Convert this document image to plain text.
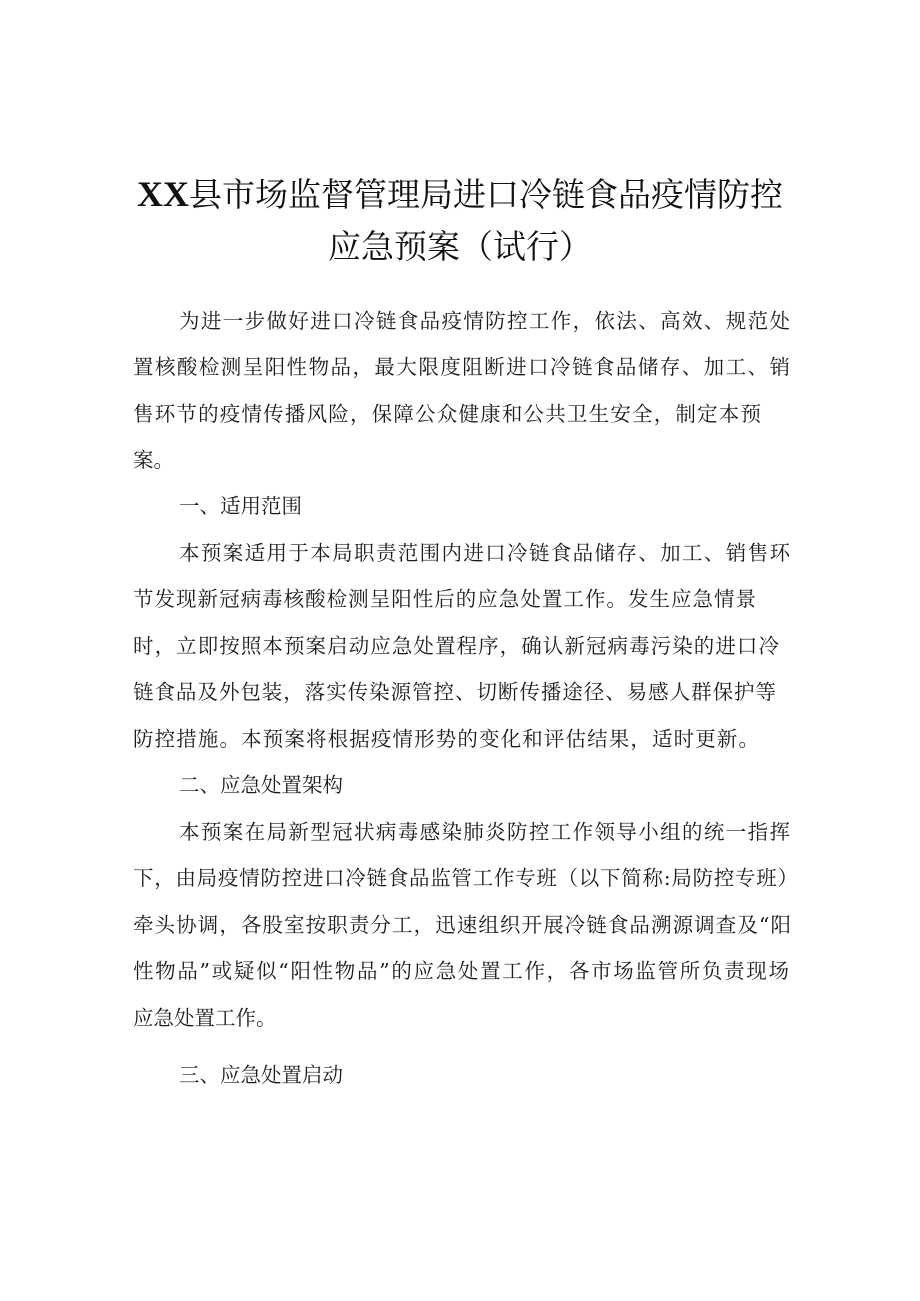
XX县市场监督管理局进口冷链食品疫情防控
应急预案（试行）
为进一步做好进口冷链食品疫情防控工作，依法、高效、规范处
置核酸检测呈阳性物品，最大限度阻断进口冷链食品储存、加工、销
售环节的疫情传播风险，保障公众健康和公共卫生安全，制定本预
案。
一、适用范围
本预案适用于本局职责范围内进口冷链食品储存、加工、销售环
节发现新冠病毒核酸检测呈阳性后的应急处置工作。发生应急情景
时，立即按照本预案启动应急处置程序，确认新冠病毒污染的进口冷
链食品及外包装，落实传染源管控、切断传播途径、易感人群保护等
防控措施。本预案将根据疫情形势的变化和评估结果，适时更新。
二、应急处置架构
本预案在局新型冠状病毒感染肺炎防控工作领导小组的统一指挥
下，由局疫情防控进口冷链食品监管工作专班（以下简称:局防控专班）
牵头协调，各股室按职责分工，迅速组织开展冷链食品溯源调查及“阳
性物品”或疑似“阳性物品”的应急处置工作，各市场监管所负责现场
应急处置工作。
三、应急处置启动
